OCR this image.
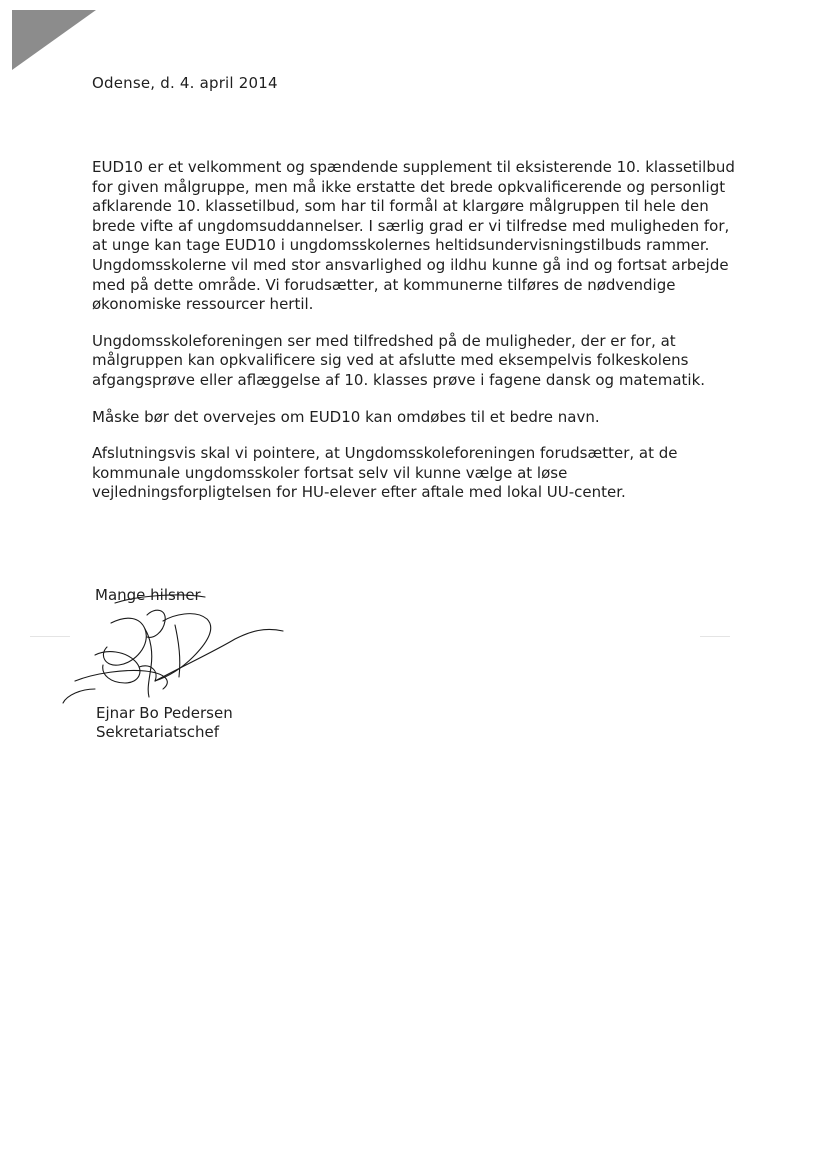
Odense, d. 4. april 2014

EUD10 er et velkomment og spændende supplement til eksisterende 10. klassetilbud for given målgruppe, men må ikke erstatte det brede opkvalificerende og personligt afklarende 10. klassetilbud, som har til formål at klargøre målgruppen til hele den brede vifte af ungdomsuddannelser. I særlig grad er vi tilfredse med muligheden for, at unge kan tage EUD10 i ungdomsskolernes heltidsundervisningstilbuds rammer. Ungdomsskolerne vil med stor ansvarlighed og ildhu kunne gå ind og fortsat arbejde med på dette område. Vi forudsætter, at kommunerne tilføres de nødvendige økonomiske ressourcer hertil.

Ungdomsskoleforeningen ser med tilfredshed på de muligheder, der er for, at målgruppen kan opkvalificere sig ved at afslutte med eksempelvis folkeskolens afgangsprøve eller aflæggelse af 10. klasses prøve i fagene dansk og matematik.

Måske bør det overvejes om EUD10 kan omdøbes til et bedre navn.

Afslutningsvis skal vi pointere, at Ungdomsskoleforeningen forudsætter, at de kommunale ungdomsskoler fortsat selv vil kunne vælge at løse vejledningsforpligtelsen for HU-elever efter aftale med lokal UU-center.

Mange hilsner
Ejnar Bo Pedersen
Sekretariatschef
